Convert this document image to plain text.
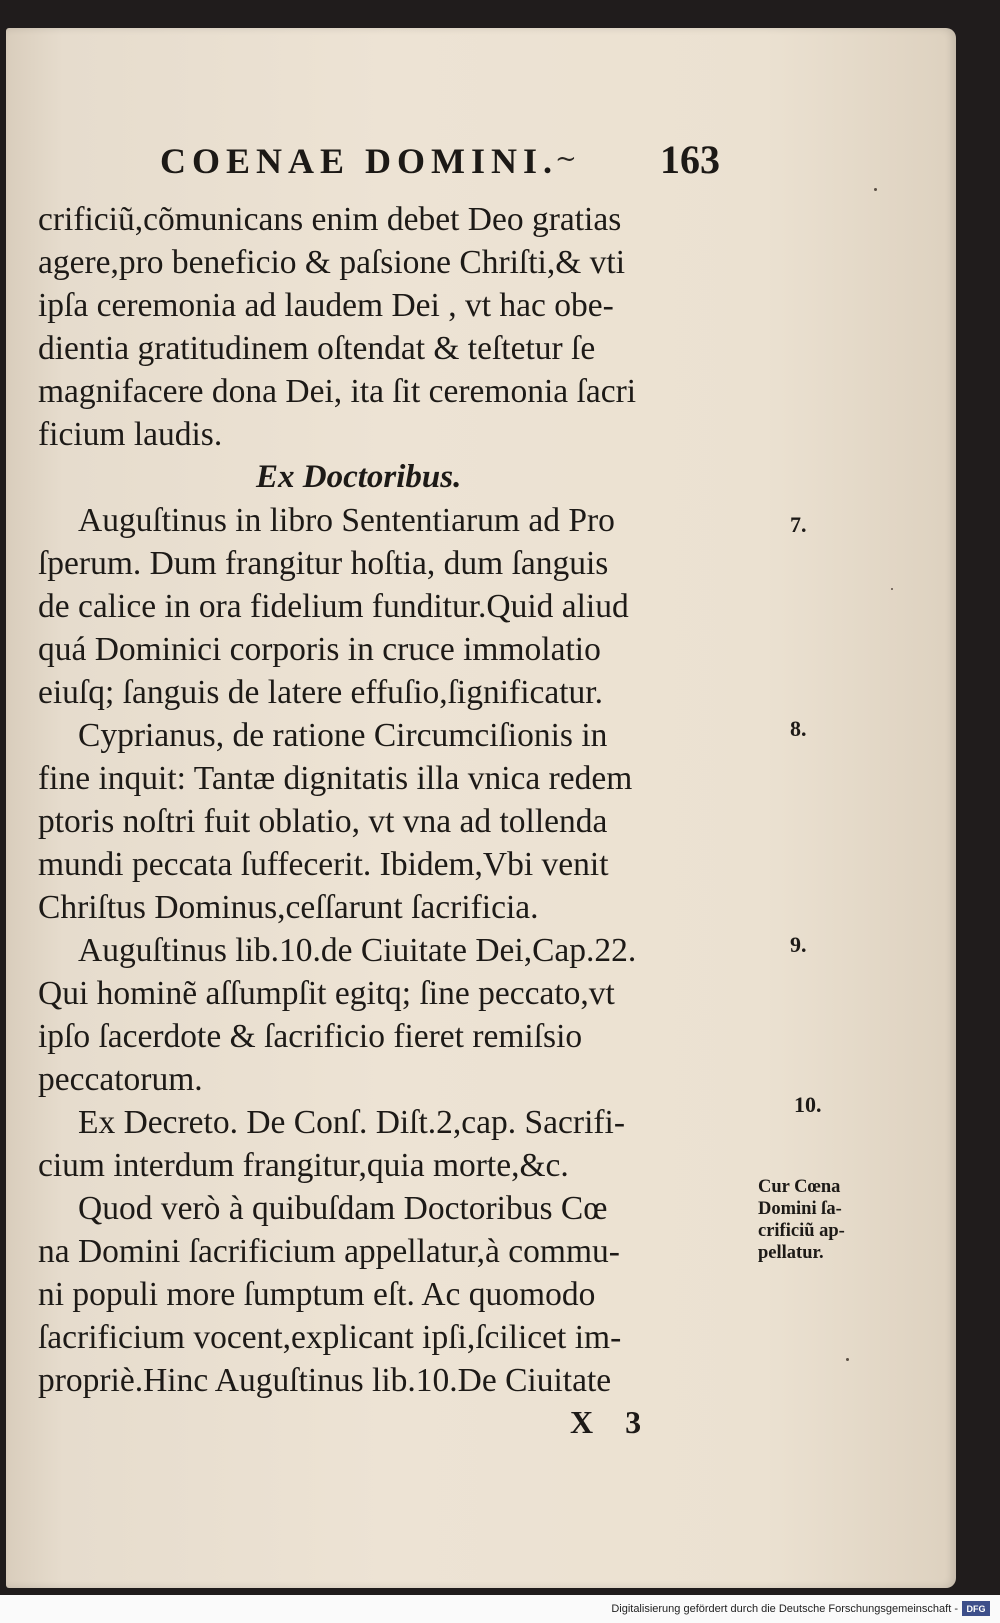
COENAE DOMINI.
~ 163
crificiũ,cõmunicans enim debet Deo gratias
agere,pro beneficio & paſsione Chriſti,& vti
ipſa ceremonia ad laudem Dei , vt hac obe-
dientia gratitudinem oſtendat & teſtetur ſe
magnifacere dona Dei, ita ſit ceremonia ſacri
ficium laudis.
Ex Doctoribus.
Auguſtinus in libro Sententiarum ad Pro
ſperum. Dum frangitur hoſtia, dum ſanguis
de calice in ora fidelium funditur.Quid aliud
quá Dominici corporis in cruce immolatio
eiuſq; ſanguis de latere effuſio,ſignificatur.
Cyprianus, de ratione Circumciſionis in
fine inquit: Tantæ dignitatis illa vnica redem
ptoris noſtri fuit oblatio, vt vna ad tollenda
mundi peccata ſuffecerit. Ibidem,Vbi venit
Chriſtus Dominus,ceſſarunt ſacrificia.
Auguſtinus lib.10.de Ciuitate Dei,Cap.22.
Qui hominẽ aſſumpſit egitq; ſine peccato,vt
ipſo ſacerdote & ſacrificio fieret remiſsio
peccatorum.
Ex Decreto. De Conſ. Diſt.2,cap. Sacrifi-
cium interdum frangitur,quia morte,&c.
Quod verò à quibuſdam Doctoribus Cœ
na Domini ſacrificium appellatur,à commu-
ni populi more ſumptum eſt. Ac quomodo
ſacrificium vocent,explicant ipſi,ſcilicet im-
propriè.Hinc Auguſtinus lib.10.De Ciuitate
7.
8.
9.
10.
Cur Cœna
Domini ſa-
crificiũ ap-
pellatur.
X 3
Digitalisierung gefördert durch die Deutsche Forschungsgemeinschaft - DFG
